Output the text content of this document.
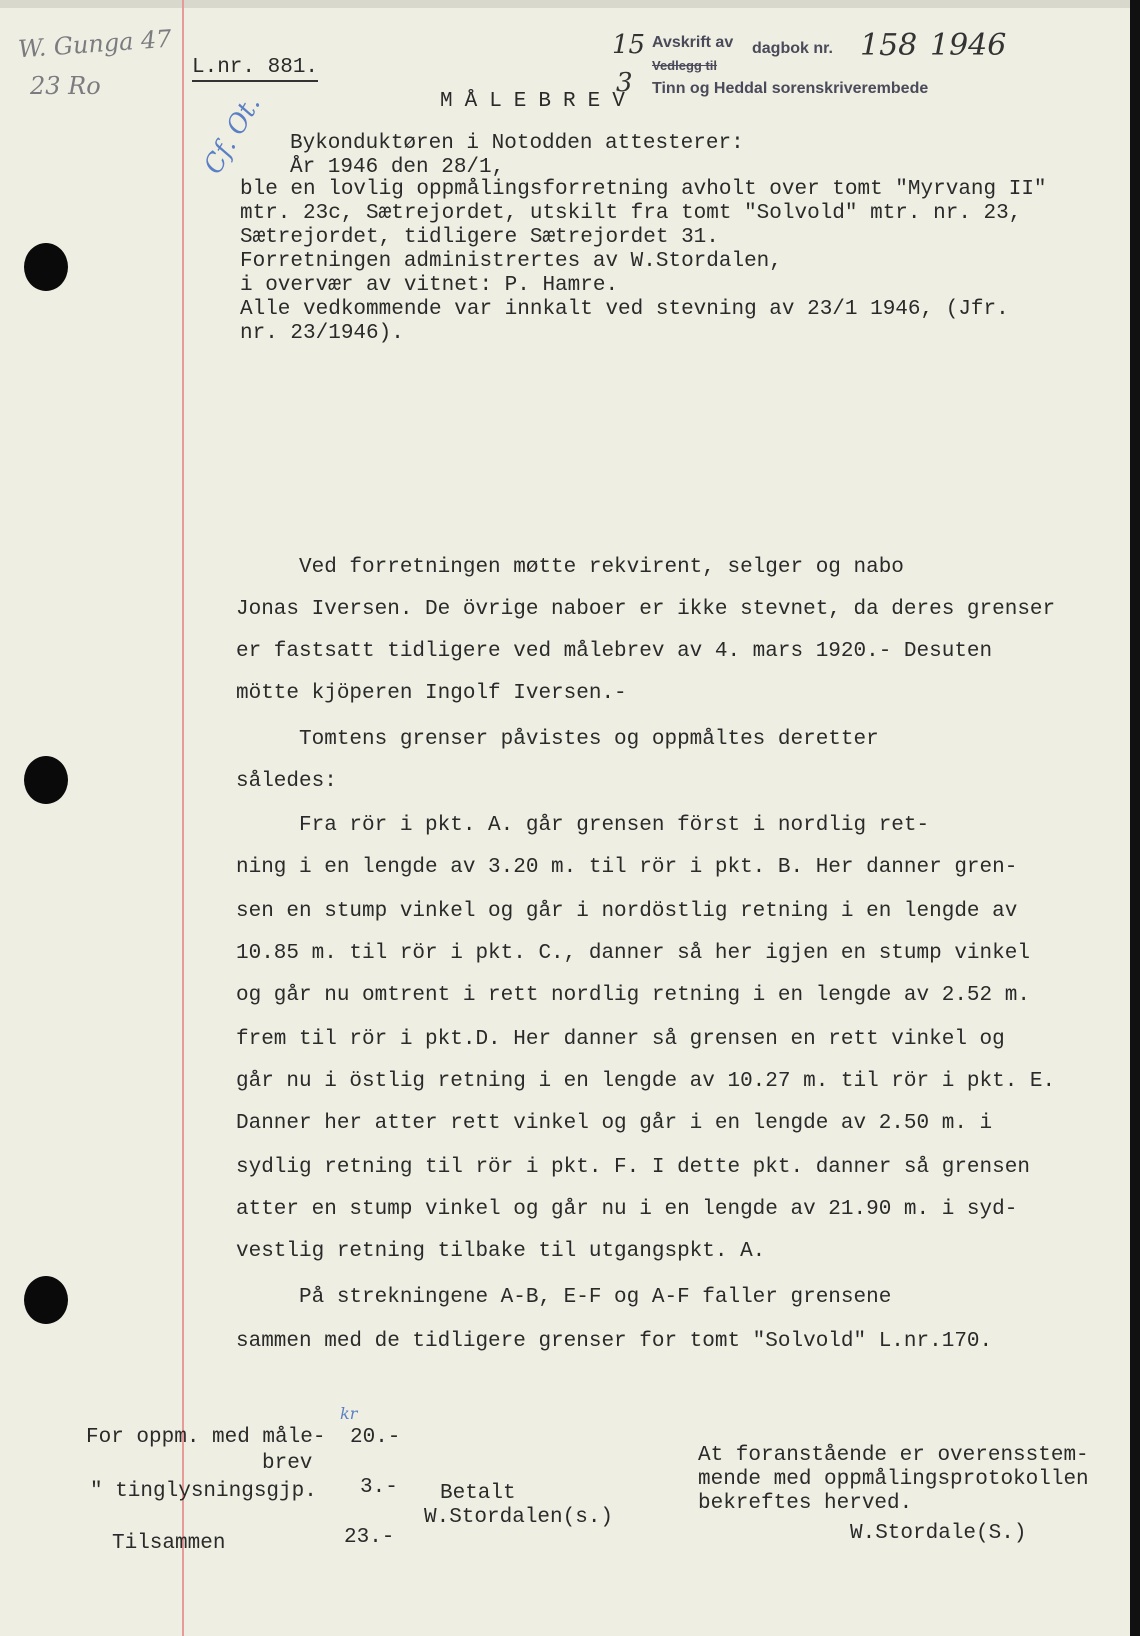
W. Gunga 47
23 Ro
Cf. Ot.
L.nr. 881.
15
3
Avskrift av
Vedlegg til
dagbok nr. 158 1946
Tinn og Heddal sorenskriverembede
MÅLEBREV
Bykonduktøren i Notodden attesterer:
År 1946 den 28/1,
ble en lovlig oppmålingsforretning avholt over tomt "Myrvang II"
mtr. 23c, Sætrejordet, utskilt fra tomt "Solvold" mtr. nr. 23,
Sætrejordet, tidligere Sætrejordet 31.
Forretningen administrertes av W.Stordalen,
i overvær av vitnet: P. Hamre.
Alle vedkommende var innkalt ved stevning av 23/1 1946, (Jfr.
nr. 23/1946).
Ved forretningen møtte rekvirent, selger og nabo
Jonas Iversen. De övrige naboer er ikke stevnet, da deres grenser
er fastsatt tidligere ved målebrev av 4. mars 1920.- Desuten
mötte kjöperen Ingolf Iversen.-
Tomtens grenser påvistes og oppmåltes deretter
således:
Fra rör i pkt. A. går grensen först i nordlig ret-
ning i en lengde av 3.20 m. til rör i pkt. B. Her danner gren-
sen en stump vinkel og går i nordöstlig retning i en lengde av
10.85 m. til rör i pkt. C., danner så her igjen en stump vinkel
og går nu omtrent i rett nordlig retning i en lengde av 2.52 m.
frem til rör i pkt.D. Her danner så grensen en rett vinkel og
går nu i östlig retning i en lengde av 10.27 m. til rör i pkt. E.
Danner her atter rett vinkel og går i en lengde av 2.50 m. i
sydlig retning til rör i pkt. F. I dette pkt. danner så grensen
atter en stump vinkel og går nu i en lengde av 21.90 m. i syd-
vestlig retning tilbake til utgangspkt. A.
På strekningene A-B, E-F og A-F faller grensene
sammen med de tidligere grenser for tomt "Solvold" L.nr.170.
For oppm. med måle-
kr
20.-
brev
" tinglysningsgjp. 3.-
Tilsammen	23.-
Betalt
W.Stordalen(s.)
At foranstående er overensstem-
mende med oppmålingsprotokollen
bekreftes herved.
W.Stordale(S.)
